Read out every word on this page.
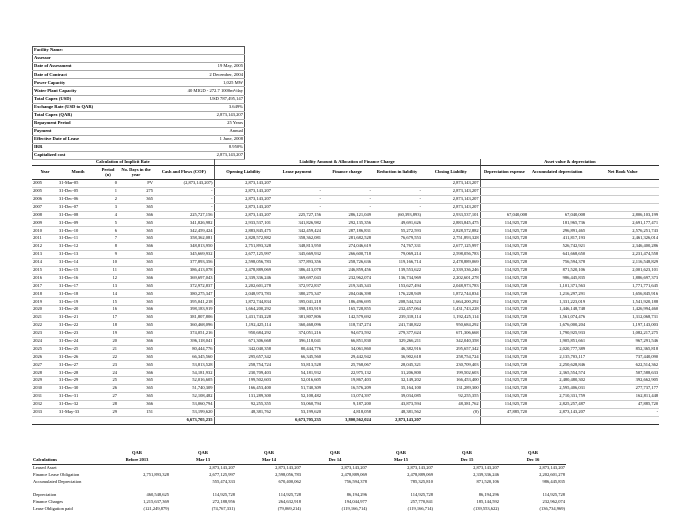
Facility Name:	
Assessor	
Date of Assessment	19 May, 2005
Date of Contract	2 December, 2004
Power Capacity	1,025 MW
Water Plant Capacity	40 MIGD - 272.7 1000m³/day
Total Capex (USD)	USD 787,495,147
Exchange Rate (USD to QAR)	3.649%
Total Capex (QAR)	2,873,143,207
Repayment Period	25 Years
Payment	Annual
Effective Date of Lease	1 June, 2008
IRR	8.950%
Capitalized cost	2,873,143,207
Calculation of Implicit Rate					Liability Amount & Allocation of Finance Charge					Asset value & depreciation		
Year	Month	Period (n)	No. Days in the year	Cash and Flows (COF)	Opening Liability	Lease payment	Finance charge	Reduction in liability	Closing Liability	Depreciation expense	Accumulated depreciation	Net Book Value
2005	31-Mar-05	0	PV	(2,873,143,207)	2,873,143,207				2,873,143,207			
2005	31-Dec-05	1	275	-	2,873,143,207	-	-	-	2,873,143,207			
2006	31-Dec-06	2	365	-	2,873,143,207	-	-	-	2,873,143,207			
2007	31-Dec-07	3	365	-	2,873,143,207	-	-	-	2,873,143,207			
2008	31-Dec-08	4	366	225,727,156	2,873,143,207	225,727,156	286,121,049	(60,393,893)	2,933,537,101	67,040,008	67,040,008	2,806,103,199
2009	31-Dec-09	5	365	341,826,982	2,933,537,101	341,826,982	292,135,356	49,691,626	2,883,845,475	114,925,728	181,965,736	2,691,177,471
2010	31-Dec-10	6	365	342,459,424	2,883,845,475	342,459,424	287,186,831	55,272,593	2,828,572,882	114,925,728	296,891,465	2,576,251,743
2011	31-Dec-11	7	365	358,362,081	2,828,572,882	358,362,081	281,682,528	76,679,553	2,751,893,328	114,925,728	411,817,193	2,461,326,014
2012	31-Dec-12	8	366	348,813,950	2,751,893,328	348,813,950	274,046,619	74,767,331	2,677,125,997	114,925,728	526,742,921	2,346,400,286
2013	31-Dec-13	9	365	345,669,932	2,677,125,997	345,669,932	266,600,718	79,069,214	2,598,056,783	114,925,728	641,668,650	2,231,474,558
2014	31-Dec-14	10	365	377,893,356	2,598,056,783	377,893,356	258,726,636	119,166,714	2,478,889,069	114,925,728	756,594,378	2,116,548,829
2015	31-Dec-15	11	365	386,413,078	2,478,889,069	386,413,078	246,859,456	139,553,622	2,339,336,246	114,925,728	871,520,106	2,001,623,101
2016	31-Dec-16	12	366	369,697,043	2,339,336,246	369,697,043	232,962,074	136,734,969	2,202,601,278	114,925,728	986,445,835	1,886,697,373
2017	31-Dec-17	13	365	372,972,837	2,202,601,278	372,972,837	219,345,343	153,627,494	2,048,973,783	114,925,728	1,101,371,563	1,771,771,645
2018	31-Dec-18	14	365	380,275,347	2,048,973,783	380,275,347	204,046,398	176,228,949	1,872,744,834	114,925,728	1,216,297,291	1,656,845,916
2019	31-Dec-19	15	365	395,041,218	1,872,744,834	395,041,218	186,496,695	208,544,524	1,664,200,292	114,925,728	1,331,223,019	1,541,920,188
2020	31-Dec-20	16	366	398,183,919	1,664,200,292	398,183,919	165,728,855	232,457,064	1,431,743,228	114,925,728	1,446,148,748	1,426,994,460
2021	31-Dec-21	17	365	381,807,806	1,431,743,228	381,807,806	142,579,692	239,318,114	1,192,425,114	114,925,728	1,561,074,476	1,312,068,731
2022	31-Dec-22	18	365	360,468,096	1,192,425,114	360,468,096	118,747,274	241,740,822	950,684,292	114,925,728	1,676,000,204	1,197,143,003
2023	31-Dec-23	19	365	374,051,216	950,684,292	374,051,216	94,673,592	279,377,624	671,306,668	114,925,728	1,790,925,933	1,082,217,275
2024	31-Dec-24	20	366	396,118,041	671,306,668	396,118,041	66,851,830	329,266,211	342,040,358	114,925,728	1,905,851,661	967,291,546
2025	31-Dec-25	21	365	80,444,776	342,040,358	80,444,776	34,061,860	46,382,916	295,657,342	114,925,728	2,020,777,389	852,365,818
2026	31-Dec-26	22	365	66,345,560	295,657,342	66,345,560	29,442,942	36,902,618	258,754,724	114,925,728	2,135,703,117	737,440,090
2027	31-Dec-27	23	365	53,813,528	258,754,724	53,813,528	25,768,067	28,045,321	230,709,403	114,925,728	2,250,628,846	622,514,362
2028	31-Dec-28	24	366	54,181,932	230,709,403	54,181,932	22,975,132	31,206,800	199,502,603	114,925,728	2,365,554,574	507,588,633
2029	31-Dec-29	25	365	52,016,605	199,502,603	52,016,605	19,867,403	32,149,202	166,453,400	114,925,728	2,480,480,302	392,662,905
2030	31-Dec-30	26	365	51,740,309	166,453,400	51,740,309	16,576,209	35,164,100	131,289,300	114,925,728	2,595,406,031	277,737,177
2031	31-Dec-31	27	365	52,108,482	131,289,300	52,108,482	13,074,397	39,034,085	92,255,355	114,925,728	2,710,331,759	162,811,448
2032	31-Dec-32	28	366	53,060,794	92,255,355	53,060,794	9,187,200	43,873,594	48,381,762	114,925,728	2,825,257,487	47,885,720
2033	31-May-33	29	151	53,199,620	48,381,762	53,199,620	4,818,058	48,381,562	(0)	47,885,720	2,873,143,207	-
				6,673,705,235		6,673,705,235	3,800,562,024	2,873,143,207				
	QAR	QAR	QAR	QAR	QAR	QAR	QAR
Calculations	Before 2013	Mar 13	Mar 14	Dec 14	Mar 15	Dec 15	Dec 16
Leased Asset		2,873,143,207	2,873,143,207	2,873,143,207	2,873,143,207	2,873,143,207	2,873,143,207
Finance Lease Obligation	2,751,893,328	2,677,125,997	2,598,056,783	2,478,889,069	2,478,889,069	2,339,336,246	2,202,601,278
Accumulated Depreciation		555,474,333	670,400,062	756,594,378	785,325,810	871,520,106	986,445,835

Depreciation	460,548,625	114,925,728	114,925,728	86,194,296	114,925,728	86,194,296	114,925,728
Finance Charges	1,215,637,369	272,188,956	264,632,918	194,044,977	257,770,841	185,144,592	232,962,074
Lease Obligation paid	(121,249,879)	(74,767,331)	(79,069,214)	(119,166,714)	(119,166,714)	(139,553,622)	(136,734,969)
